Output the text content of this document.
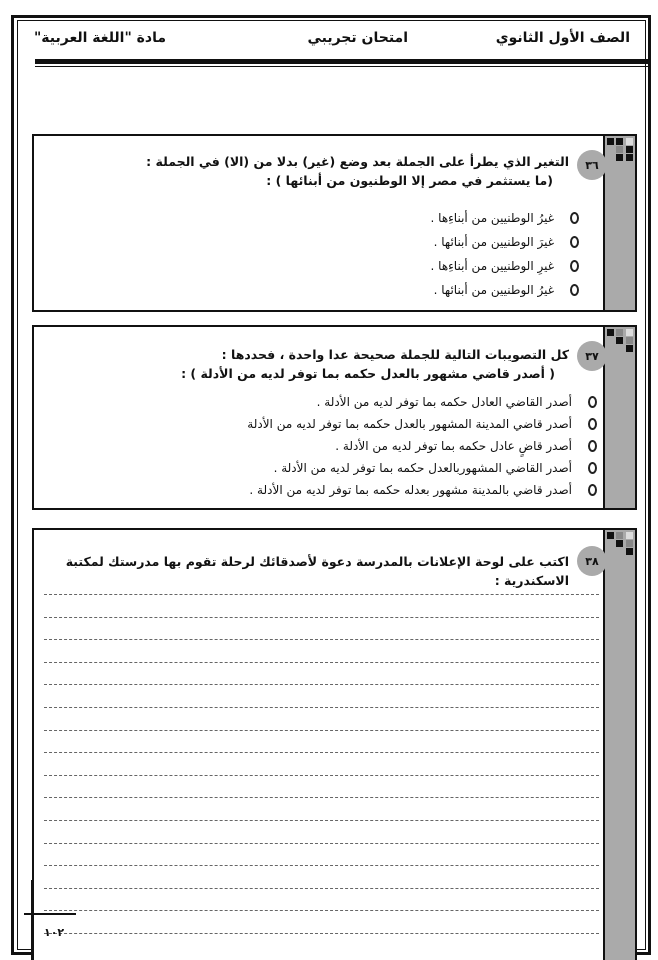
الصف الأول الثانوي
امتحان تجريبي
مادة "اللغة العربية"
٣٦
التغير الذي يطرأ على الجملة بعد وضع (غير) بدلا من (الا) في الجملة :
(ما يستثمر في مصر إلا الوطنيون من أبنائها ) :
غيرُ الوطنيين من أبناءِها .
غيرَ الوطنيين من أبنائها .
غيرِ الوطنيين من أبناءِها .
غيرُ الوطنيين من أبنائها .
٣٧
كل التصويبات التالية للجملة صحيحة عدا واحدة ، فحددها :
( أصدر قاضي مشهور بالعدل حكمه بما توفر لديه من الأدلة ) :
أصدر القاضي العادل حكمه بما توفر لديه من الأدلة .
أصدر قاضي المدينة المشهور بالعدل حكمه بما توفر لديه من الأدلة
أصدر قاضٍ عادل حكمه بما توفر لديه من الأدلة .
أصدر القاضي المشهوربالعدل حكمه بما توفر لديه من الأدلة .
أصدر قاضي بالمدينة مشهور بعدله حكمه بما توفر لديه من الأدلة .
٣٨
اكتب على لوحة الإعلانات بالمدرسة دعوة لأصدقائك لرحلة تقوم بها مدرستك لمكتبة الاسكندرية :
١٠٢
